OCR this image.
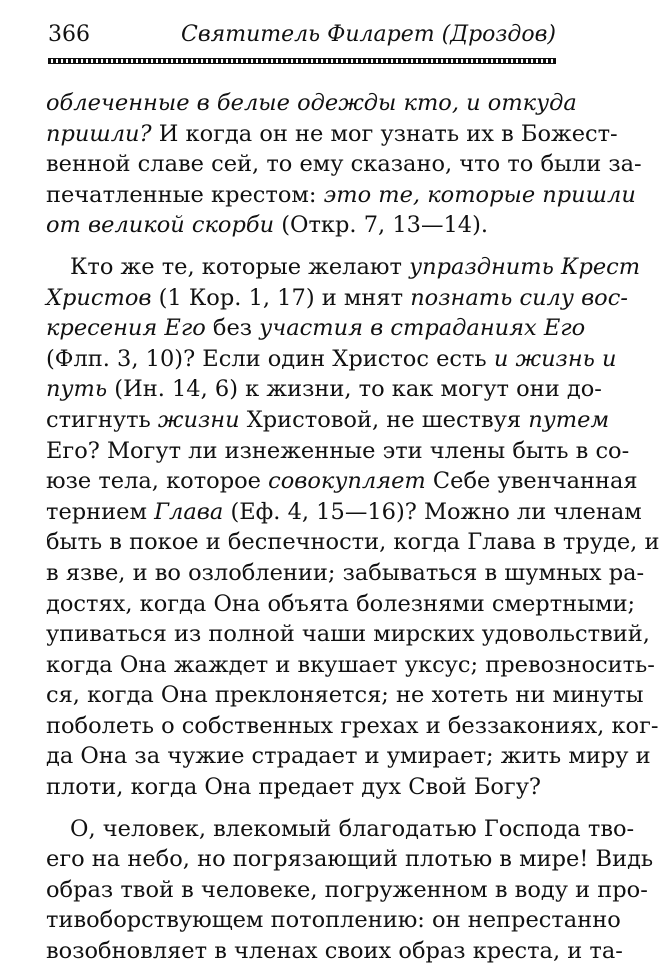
366	Святитель Филарет (Дроздов)
облеченные в белые одежды кто, и откуда
пришли? И когда он не мог узнать их в Божест-
венной славе сей, то ему сказано, что то были за-
печатленные крестом: это те, которые пришли
от великой скорби (Откр. 7, 13—14).
Кто же те, которые желают упразднить Крест
Христов (1 Кор. 1, 17) и мнят познать силу вос-
кресения Его без участия в страданиях Его
(Флп. 3, 10)? Если один Христос есть и жизнь и
путь (Ин. 14, 6) к жизни, то как могут они до-
стигнуть жизни Христовой, не шествуя путем
Его? Могут ли изнеженные эти члены быть в со-
юзе тела, которое совокупляет Себе увенчанная
тернием Глава (Еф. 4, 15—16)? Можно ли членам
быть в покое и беспечности, когда Глава в труде, и
в язве, и во озлоблении; забываться в шумных ра-
достях, когда Она объята болезнями смертными;
упиваться из полной чаши мирских удовольствий,
когда Она жаждет и вкушает уксус; превозносить-
ся, когда Она преклоняется; не хотеть ни минуты
поболеть о собственных грехах и беззакониях, ког-
да Она за чужие страдает и умирает; жить миру и
плоти, когда Она предает дух Свой Богу?
О, человек, влекомый благодатью Господа тво-
его на небо, но погрязающий плотью в мире! Видь
образ твой в человеке, погруженном в воду и про-
тивоборствующем потоплению: он непрестанно
возобновляет в членах своих образ креста, и та-
